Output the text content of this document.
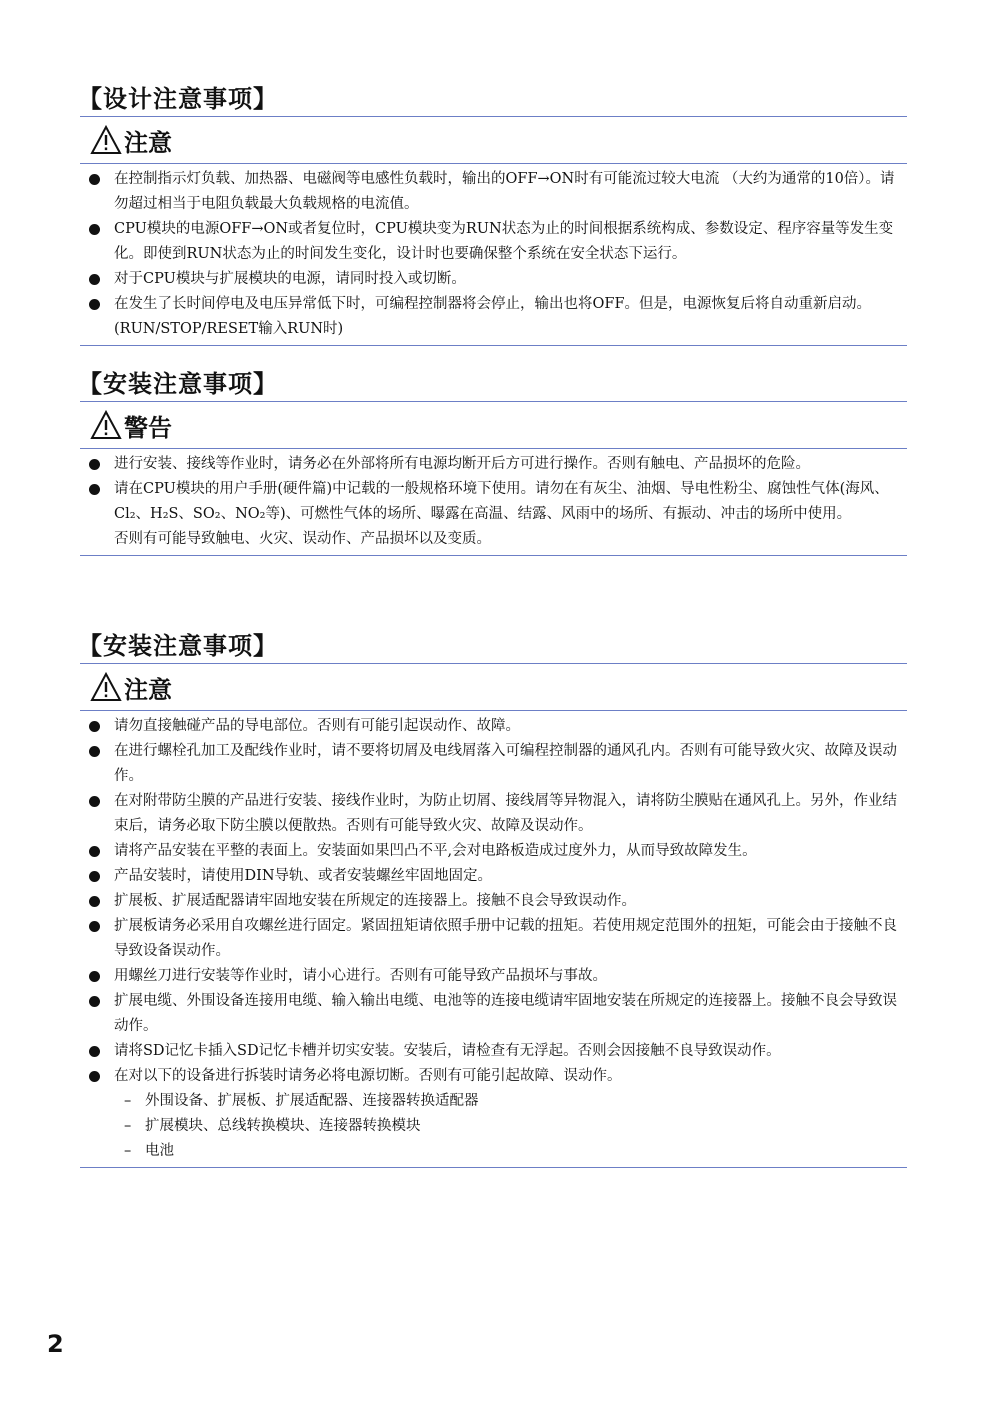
【设计注意事项】
注意
在控制指示灯负载、加热器、电磁阀等电感性负载时，输出的OFF→ON时有可能流过较大电流 （大约为通常的10倍）。请勿超过相当于电阻负载最大负载规格的电流值。
CPU模块的电源OFF→ON或者复位时，CPU模块变为RUN状态为止的时间根据系统构成、参数设定、程序容量等发生变化。即使到RUN状态为止的时间发生变化，设计时也要确保整个系统在安全状态下运行。
对于CPU模块与扩展模块的电源，请同时投入或切断。
在发生了长时间停电及电压异常低下时，可编程控制器将会停止，输出也将OFF。但是，电源恢复后将自动重新启动。(RUN/STOP/RESET输入RUN时)
【安装注意事项】
警告
进行安装、接线等作业时，请务必在外部将所有电源均断开后方可进行操作。否则有触电、产品损坏的危险。
请在CPU模块的用户手册(硬件篇)中记载的一般规格环境下使用。请勿在有灰尘、油烟、导电性粉尘、腐蚀性气体(海风、Cl₂、H₂S、SO₂、NO₂等)、可燃性气体的场所、曝露在高温、结露、风雨中的场所、有振动、冲击的场所中使用。
否则有可能导致触电、火灾、误动作、产品损坏以及变质。
【安装注意事项】
注意
请勿直接触碰产品的导电部位。否则有可能引起误动作、故障。
在进行螺栓孔加工及配线作业时，请不要将切屑及电线屑落入可编程控制器的通风孔内。否则有可能导致火灾、故障及误动作。
在对附带防尘膜的产品进行安装、接线作业时，为防止切屑、接线屑等异物混入，请将防尘膜贴在通风孔上。另外，作业结束后，请务必取下防尘膜以便散热。否则有可能导致火灾、故障及误动作。
请将产品安装在平整的表面上。安装面如果凹凸不平,会对电路板造成过度外力，从而导致故障发生。
产品安装时，请使用DIN导轨、或者安装螺丝牢固地固定。
扩展板、扩展适配器请牢固地安装在所规定的连接器上。接触不良会导致误动作。
扩展板请务必采用自攻螺丝进行固定。紧固扭矩请依照手册中记载的扭矩。若使用规定范围外的扭矩，可能会由于接触不良导致设备误动作。
用螺丝刀进行安装等作业时，请小心进行。否则有可能导致产品损坏与事故。
扩展电缆、外围设备连接用电缆、输入输出电缆、电池等的连接电缆请牢固地安装在所规定的连接器上。接触不良会导致误动作。
请将SD记忆卡插入SD记忆卡槽并切实安装。安装后，请检查有无浮起。否则会因接触不良导致误动作。
在对以下的设备进行拆装时请务必将电源切断。否则有可能引起故障、误动作。
– 外围设备、扩展板、扩展适配器、连接器转换适配器
– 扩展模块、总线转换模块、连接器转换模块
– 电池
2
